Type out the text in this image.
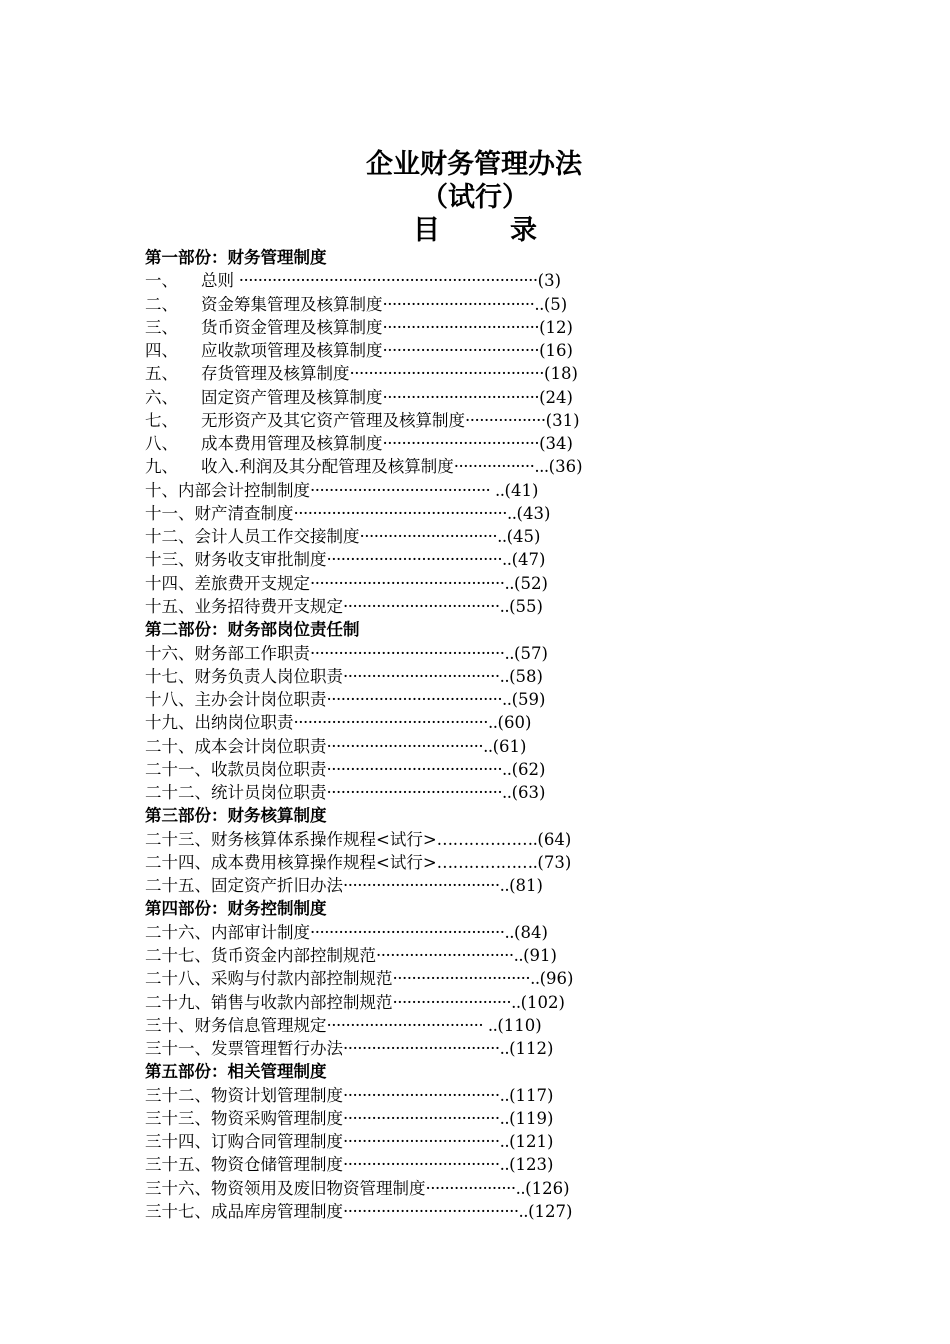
企业财务管理办法
（试行）
目	录
第一部份：财务管理制度
一、 总则 ·······························································(3)
二、 资金筹集管理及核算制度································..(5)
三、 货币资金管理及核算制度·································(12)
四、 应收款项管理及核算制度·································(16)
五、 存货管理及核算制度·········································(18)
六、 固定资产管理及核算制度·································(24)
七、 无形资产及其它资产管理及核算制度·················(31)
八、 成本费用管理及核算制度·································(34)
九、 收入.利润及其分配管理及核算制度·················...(36)
十、内部会计控制制度······································ ..(41)
十一、财产清查制度·············································..(43)
十二、会计人员工作交接制度·····························..(45)
十三、财务收支审批制度·····································..(47)
十四、差旅费开支规定·········································..(52)
十五、业务招待费开支规定·································..(55)
第二部份：财务部岗位责任制
十六、财务部工作职责·········································..(57)
十七、财务负责人岗位职责·································..(58)
十八、主办会计岗位职责·····································..(59)
十九、出纳岗位职责·········································..(60)
二十、成本会计岗位职责·································..(61)
二十一、收款员岗位职责·····································..(62)
二十二、统计员岗位职责·····································..(63)
第三部份：财务核算制度
二十三、财务核算体系操作规程<试行>……………….(64)
二十四、成本费用核算操作规程<试行>……………….(73)
二十五、固定资产折旧办法·································..(81)
第四部份：财务控制制度
二十六、内部审计制度·········································..(84)
二十七、货币资金内部控制规范·····························..(91)
二十八、采购与付款内部控制规范·····························..(96)
二十九、销售与收款内部控制规范·························..(102)
三十、财务信息管理规定································· ..(110)
三十一、发票管理暂行办法·································..(112)
第五部份：相关管理制度
三十二、物资计划管理制度·································..(117)
三十三、物资采购管理制度·································..(119)
三十四、订购合同管理制度·································..(121)
三十五、物资仓储管理制度·································..(123)
三十六、物资领用及废旧物资管理制度···················..(126)
三十七、成品库房管理制度·····································..(127)
